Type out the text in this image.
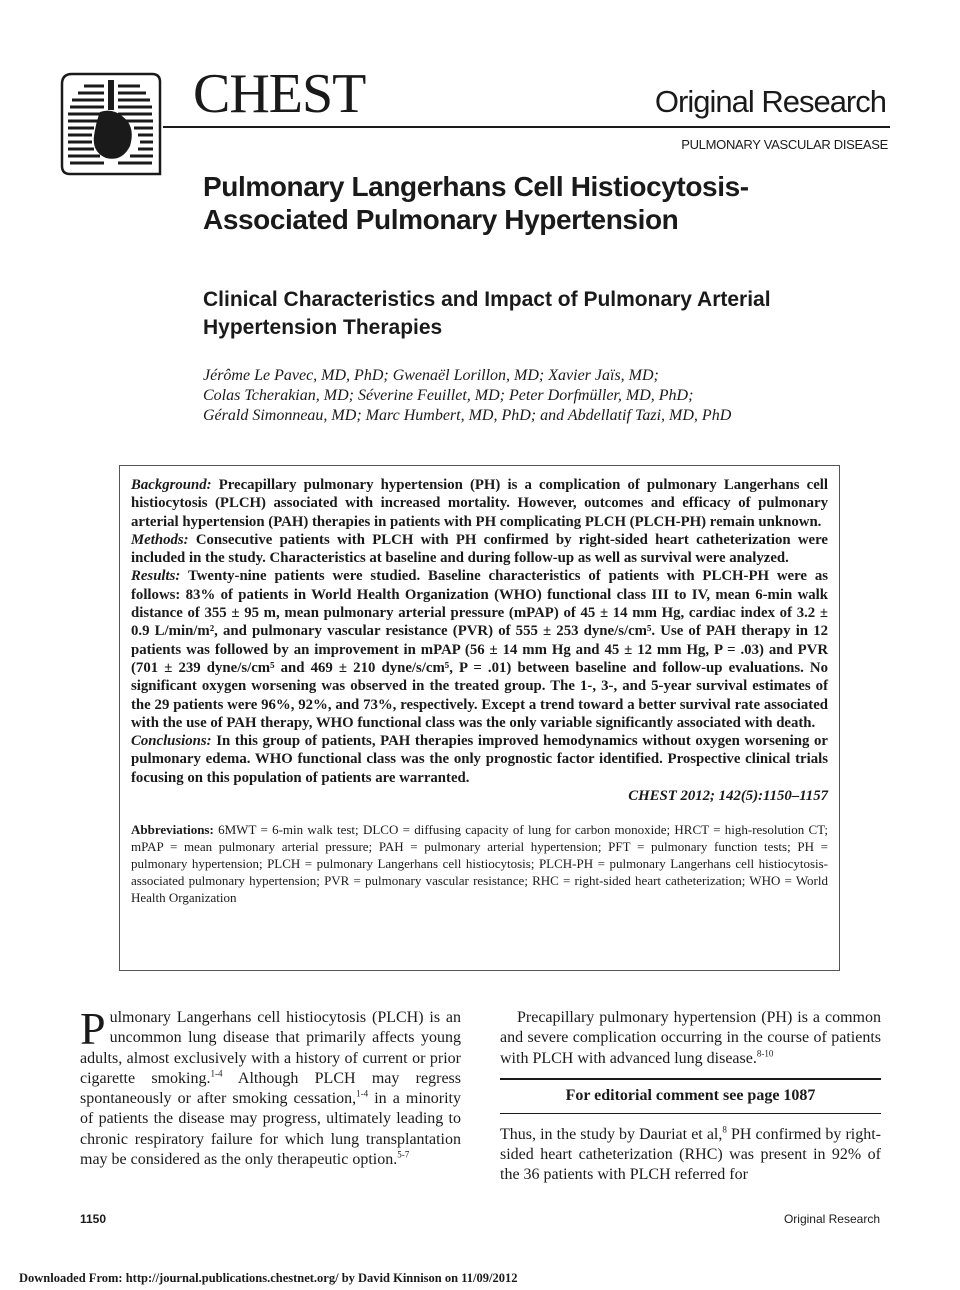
CHEST	Original Research
PULMONARY VASCULAR DISEASE
Pulmonary Langerhans Cell Histiocytosis-Associated Pulmonary Hypertension
Clinical Characteristics and Impact of Pulmonary Arterial Hypertension Therapies
Jérôme Le Pavec, MD, PhD; Gwenaël Lorillon, MD; Xavier Jaïs, MD;
Colas Tcherakian, MD; Séverine Feuillet, MD; Peter Dorfmüller, MD, PhD;
Gérald Simonneau, MD; Marc Humbert, MD, PhD; and Abdellatif Tazi, MD, PhD

Background: Precapillary pulmonary hypertension (PH) is a complication of pulmonary Langerhans cell histiocytosis (PLCH) associated with increased mortality. However, outcomes and efficacy of pulmonary arterial hypertension (PAH) therapies in patients with PH complicating PLCH (PLCH-PH) remain unknown.

Methods: Consecutive patients with PLCH with PH confirmed by right-sided heart catheterization were included in the study. Characteristics at baseline and during follow-up as well as survival were analyzed.

Results: Twenty-nine patients were studied. Baseline characteristics of patients with PLCH-PH were as follows: 83% of patients in World Health Organization (WHO) functional class III to IV, mean 6-min walk distance of 355 ± 95 m, mean pulmonary arterial pressure (mPAP) of 45 ± 14 mm Hg, cardiac index of 3.2 ± 0.9 L/min/m², and pulmonary vascular resistance (PVR) of 555 ± 253 dyne/s/cm⁵. Use of PAH therapy in 12 patients was followed by an improvement in mPAP (56 ± 14 mm Hg and 45 ± 12 mm Hg, P = .03) and PVR (701 ± 239 dyne/s/cm⁵ and 469 ± 210 dyne/s/cm⁵, P = .01) between baseline and follow-up evaluations. No significant oxygen worsening was observed in the treated group. The 1-, 3-, and 5-year survival estimates of the 29 patients were 96%, 92%, and 73%, respectively. Except a trend toward a better survival rate associated with the use of PAH therapy, WHO functional class was the only variable significantly associated with death.

Conclusions: In this group of patients, PAH therapies improved hemodynamics without oxygen worsening or pulmonary edema. WHO functional class was the only prognostic factor identified. Prospective clinical trials focusing on this population of patients are warranted.

CHEST 2012; 142(5):1150–1157

Abbreviations: 6MWT = 6-min walk test; DLCO = diffusing capacity of lung for carbon monoxide; HRCT = high-resolution CT; mPAP = mean pulmonary arterial pressure; PAH = pulmonary arterial hypertension; PFT = pulmonary function tests; PH = pulmonary hypertension; PLCH = pulmonary Langerhans cell histiocytosis; PLCH-PH = pulmonary Langerhans cell histiocytosis-associated pulmonary hypertension; PVR = pulmonary vascular resistance; RHC = right-sided heart catheterization; WHO = World Health Organization
Pulmonary Langerhans cell histiocytosis (PLCH) is an uncommon lung disease that primarily affects young adults, almost exclusively with a history of current or prior cigarette smoking.$^{1-4}$ Although PLCH may regress spontaneously or after smoking cessation,$^{1-4}$ in a minority of patients the disease may progress, ultimately leading to chronic respiratory failure for which lung transplantation may be considered as the only therapeutic option.$^{5-7}$
Precapillary pulmonary hypertension (PH) is a common and severe complication occurring in the course of patients with PLCH with advanced lung disease.$^{8-10}$
For editorial comment see page 1087
Thus, in the study by Dauriat et al,$^8$ PH confirmed by right-sided heart catheterization (RHC) was present in 92% of the 36 patients with PLCH referred for
1150	Original Research
Downloaded From: http://journal.publications.chestnet.org/ by David Kinnison on 11/09/2012
